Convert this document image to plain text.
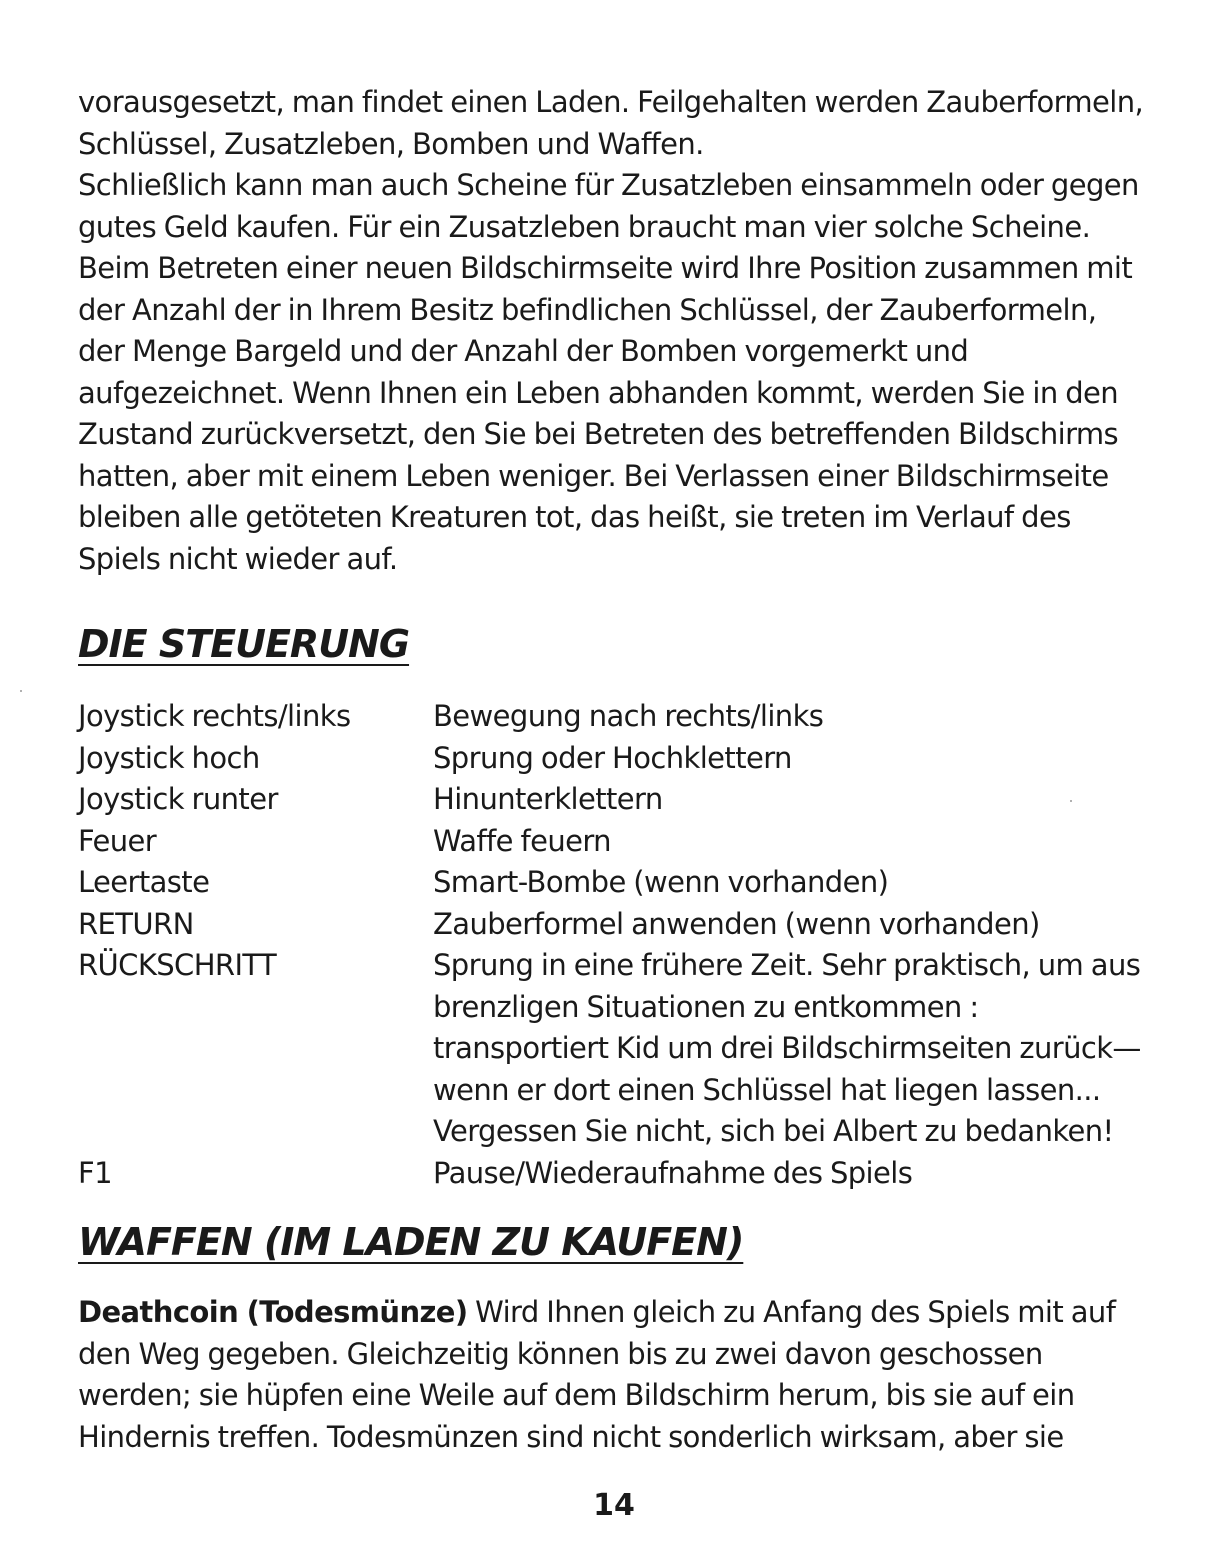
vorausgesetzt, man findet einen Laden. Feilgehalten werden Zauberformeln,
Schlüssel, Zusatzleben, Bomben und Waffen.
Schließlich kann man auch Scheine für Zusatzleben einsammeln oder gegen
gutes Geld kaufen. Für ein Zusatzleben braucht man vier solche Scheine.
Beim Betreten einer neuen Bildschirmseite wird Ihre Position zusammen mit
der Anzahl der in Ihrem Besitz befindlichen Schlüssel, der Zauberformeln,
der Menge Bargeld und der Anzahl der Bomben vorgemerkt und
aufgezeichnet. Wenn Ihnen ein Leben abhanden kommt, werden Sie in den
Zustand zurückversetzt, den Sie bei Betreten des betreffenden Bildschirms
hatten, aber mit einem Leben weniger. Bei Verlassen einer Bildschirmseite
bleiben alle getöteten Kreaturen tot, das heißt, sie treten im Verlauf des
Spiels nicht wieder auf.

DIE STEUERUNG
Joystick rechts/links	Bewegung nach rechts/links
Joystick hoch	Sprung oder Hochklettern
Joystick runter	Hinunterklettern
Feuer	Waffe feuern
Leertaste	Smart-Bombe (wenn vorhanden)
RETURN	Zauberformel anwenden (wenn vorhanden)
RÜCKSCHRITT	Sprung in eine frühere Zeit. Sehr praktisch, um aus
brenzligen Situationen zu entkommen :
transportiert Kid um drei Bildschirmseiten zurück—
wenn er dort einen Schlüssel hat liegen lassen...
Vergessen Sie nicht, sich bei Albert zu bedanken!
F1	Pause/Wiederaufnahme des Spiels
WAFFEN (IM LADEN ZU KAUFEN)

Deathcoin (Todesmünze) Wird Ihnen gleich zu Anfang des Spiels mit auf
den Weg gegeben. Gleichzeitig können bis zu zwei davon geschossen
werden; sie hüpfen eine Weile auf dem Bildschirm herum, bis sie auf ein
Hindernis treffen. Todesmünzen sind nicht sonderlich wirksam, aber sie

14
